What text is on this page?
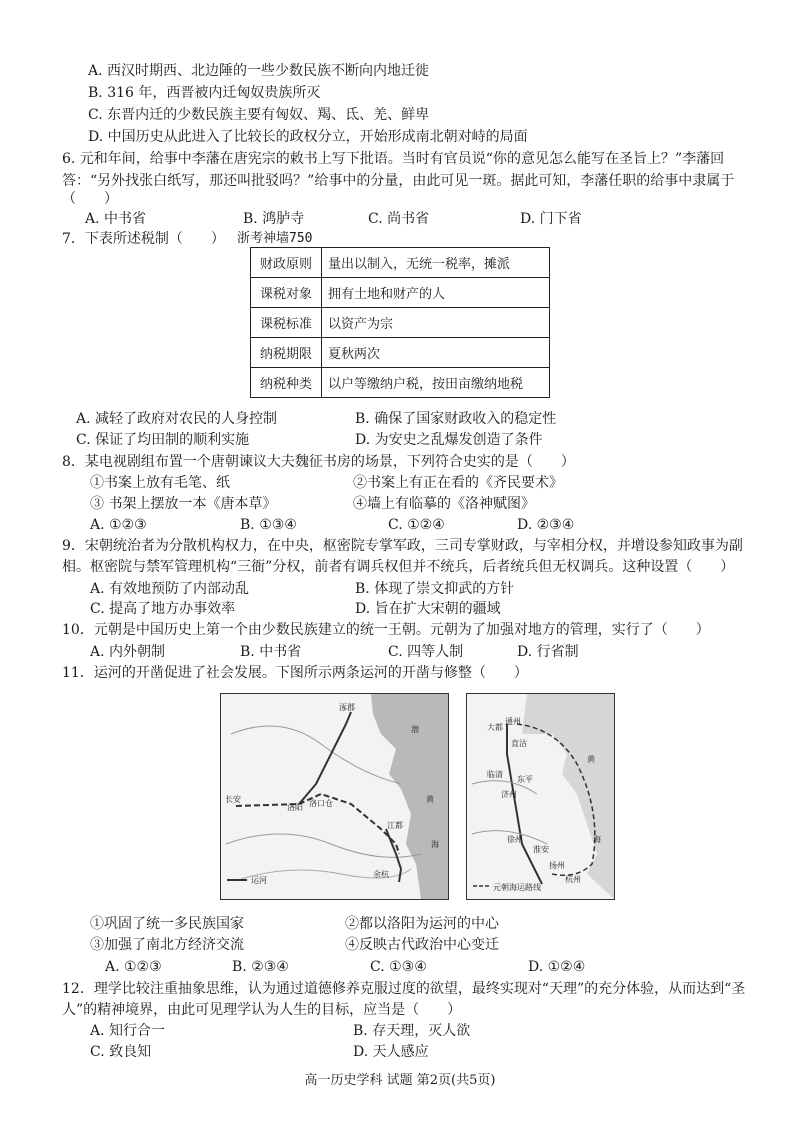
A. 西汉时期西、北边陲的一些少数民族不断向内地迁徙
B. 316 年，西晋被内迁匈奴贵族所灭
C. 东晋内迁的少数民族主要有匈奴、羯、氐、羌、鲜卑
D. 中国历史从此进入了比较长的政权分立，开始形成南北朝对峙的局面
6. 元和年间，给事中李藩在唐宪宗的敕书上写下批语。当时有官员说“你的意见怎么能写在圣旨上？”李藩回
答：“另外找张白纸写，那还叫批驳吗？”给事中的分量，由此可见一斑。据此可知，李藩任职的给事中隶属于
（　　）
A. 中书省	B. 鸿胪寺	C. 尚书省	D. 门下省
7．下表所述税制（　　） 浙考神墙750
财政原则	量出以制入，无统一税率，摊派
课税对象	拥有土地和财产的人
课税标准	以资产为宗
纳税期限	夏秋两次
纳税种类	以户等缴纳户税，按田亩缴纳地税
A. 减轻了政府对农民的人身控制	B. 确保了国家财政收入的稳定性
C. 保证了均田制的顺利实施	D. 为安史之乱爆发创造了条件
8．某电视剧组布置一个唐朝谏议大夫魏征书房的场景，下列符合史实的是（　　）
①书案上放有毛笔、纸	②书案上有正在看的《齐民要术》
③ 书架上摆放一本《唐本草》	④墙上有临摹的《洛神赋图》
A. ①②③	B. ①③④	C. ①②④	D. ②③④
9．宋朝统治者为分散机构权力，在中央，枢密院专掌军政，三司专掌财政，与宰相分权，并增设参知政事为副
相。枢密院与禁军管理机构“三衙”分权，前者有调兵权但并不统兵，后者统兵但无权调兵。这种设置（　　）
A. 有效地预防了内部动乱	B. 体现了崇文抑武的方针
C. 提高了地方办事效率	D. 旨在扩大宋朝的疆域
10．元朝是中国历史上第一个由少数民族建立的统一王朝。元朝为了加强对地方的管理，实行了（　　）
A. 内外朝制	B. 中书省	C. 四等人制	D. 行省制
11．运河的开凿促进了社会发展。下图所示两条运河的开凿与修整（　　）
涿郡
长安
洛阳 洛口仓
江都
余杭
渤
黄
海
运河
大都
通州
直沽
临清
济州
东平
徐州
淮安
扬州
杭州
黄
海
元朝海运路线
①巩固了统一多民族国家	②都以洛阳为运河的中心
③加强了南北方经济交流	④反映古代政治中心变迁
A. ①②③	B. ②③④	C. ①③④	D. ①②④
12．理学比较注重抽象思维，认为通过道德修养克服过度的欲望，最终实现对“天理”的充分体验，从而达到“圣
人”的精神境界，由此可见理学认为人生的目标，应当是（　　）
A. 知行合一	B. 存天理，灭人欲
C. 致良知	D. 天人感应
高一历史学科 试题 第2页(共5页)
